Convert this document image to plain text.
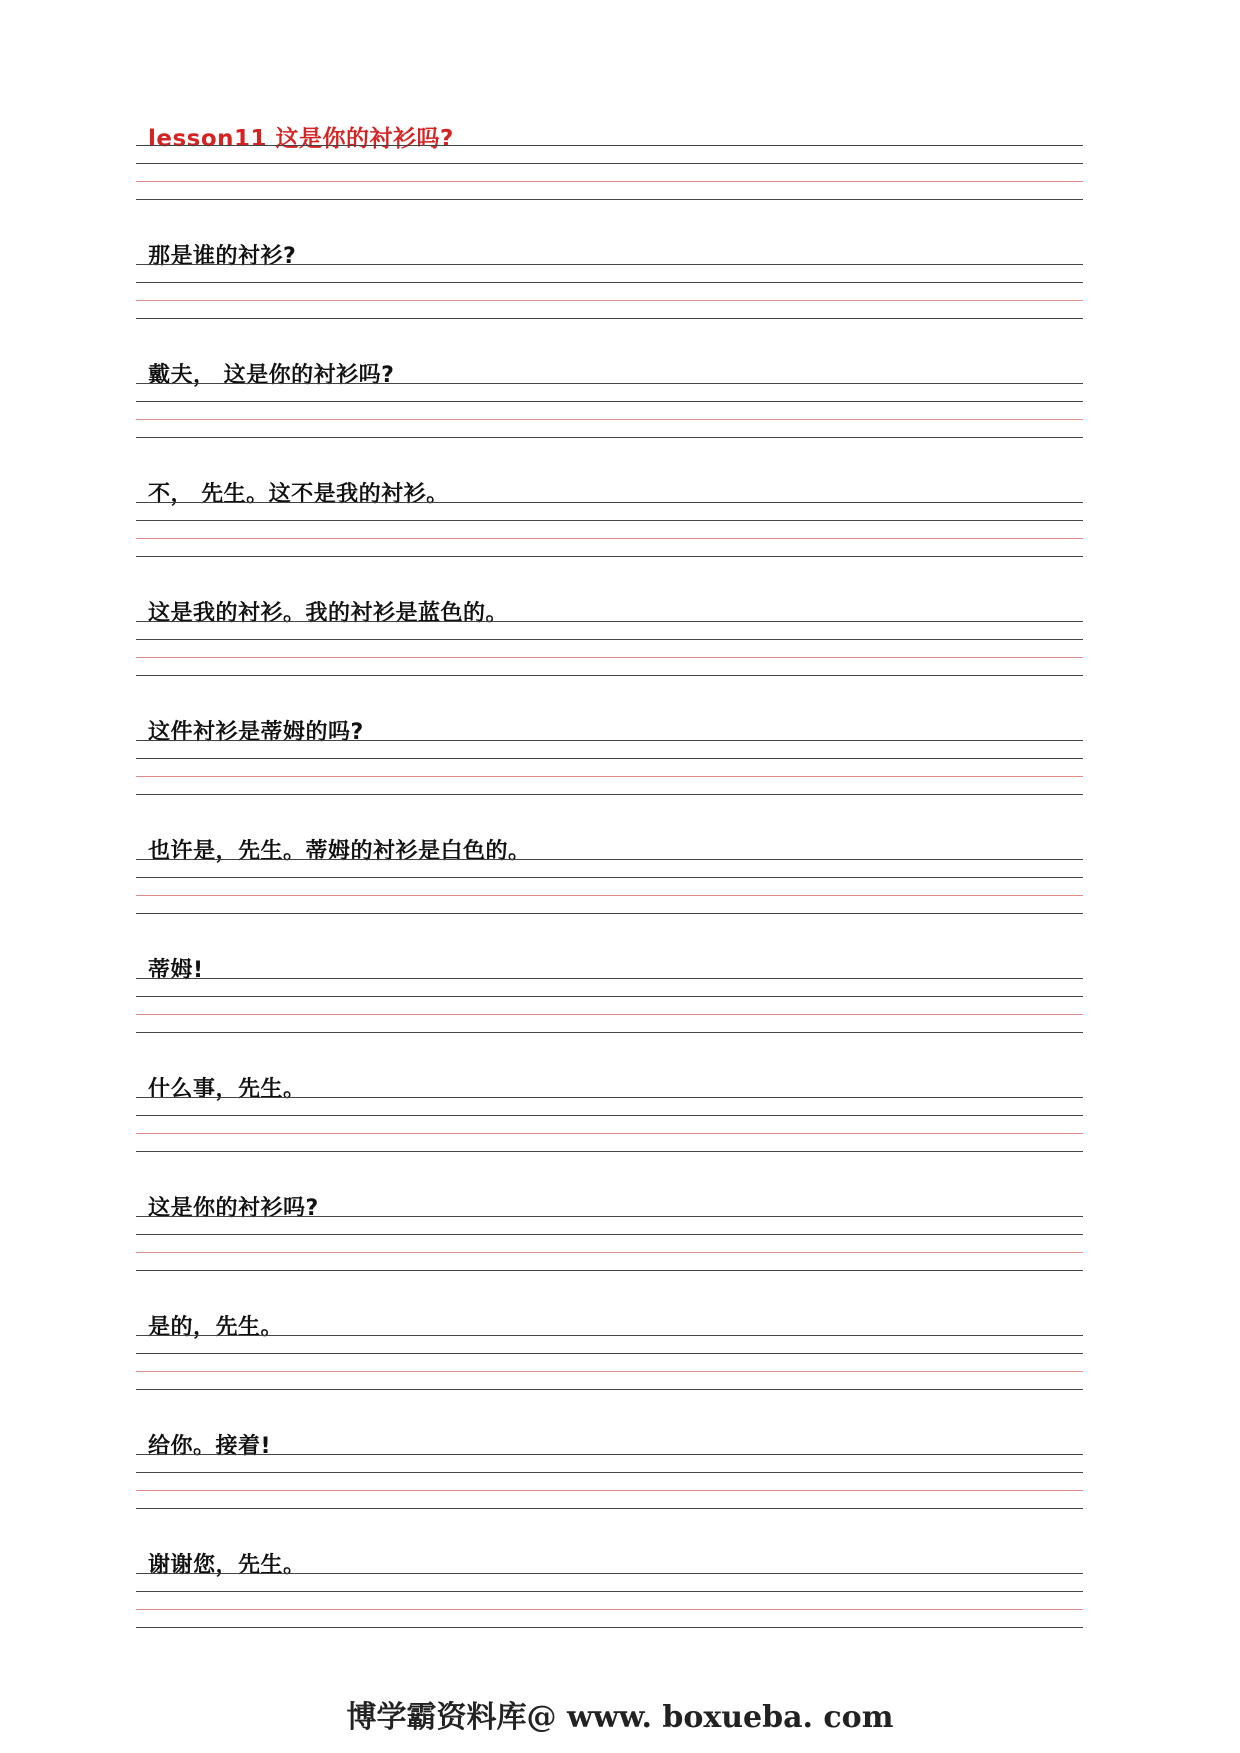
lesson11 这是你的衬衫吗?
那是谁的衬衫?
戴夫， 这是你的衬衫吗?
不， 先生。这不是我的衬衫。
这是我的衬衫。我的衬衫是蓝色的。
这件衬衫是蒂姆的吗?
也许是，先生。蒂姆的衬衫是白色的。
蒂姆!
什么事，先生。
这是你的衬衫吗?
是的，先生。
给你。接着!
谢谢您，先生。
博学霸资料库@ www. boxueba. com
